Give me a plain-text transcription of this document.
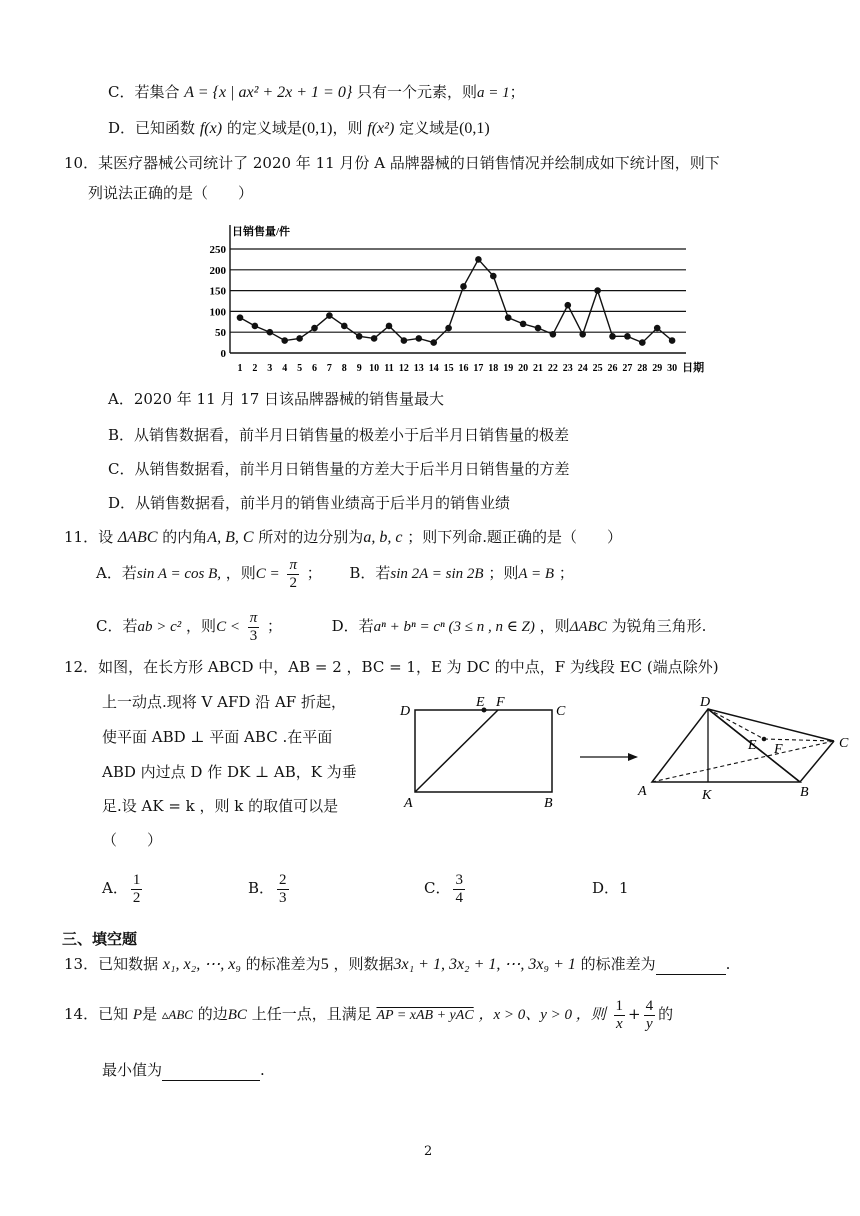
C．若集合 A = {x | ax² + 2x + 1 = 0} 只有一个元素，则a = 1；
D．已知函数 f(x) 的定义域是(0,1)，则 f(x²) 定义域是(0,1)
10．某医疗器械公司统计了 2020 年 11 月份 A 品牌器械的日销售情况并绘制成如下统计图，则下
列说法正确的是（　　）
0
50
100
150
200
250
日销售量/件
1 2 3 4 5 6 7 8 9 10 11 12 13 14 15 16 17 18 19 20 21 22 23 24 25 26 27 28 29 30 日期
A．2020 年 11 月 17 日该品牌器械的销售量最大
B．从销售数据看，前半月日销售量的极差小于后半月日销售量的极差
C．从销售数据看，前半月日销售量的方差大于后半月日销售量的方差
D．从销售数据看，前半月的销售业绩高于后半月的销售业绩
11．设 ΔABC 的内角A, B, C 所对的边分别为a, b, c ；则下列命.题正确的是（　　）
A．若sin A = cos B, ，则$C = \frac{\pi}{2}$ ； B．若sin 2A = sin 2B ；则A = B ；
C．若ab > c² ，则$C < \frac{\pi}{3}$ ；	D．若aⁿ + bⁿ = cⁿ (3 ≤ n , n ∈ Z) ，则ΔABC 为锐角三角形.
12．如图，在长方形 ABCD 中，AB = 2 ，BC = 1，E 为 DC 的中点，F 为线段 EC (端点除外)
上一动点.现将 V AFD 沿 AF 折起，
使平面 ABD ⊥ 平面 ABC .在平面
ABD 内过点 D 作 DK ⊥ AB，K 为垂
足.设 AK = k ，则 k 的取值可以是
（　　）
D
E F
C
A	B
D
E F	C
A	K	B
A． $\frac{1}{2}$	B． $\frac{2}{3}$	C． $\frac{3}{4}$	D．1
三、填空题
13．已知数据 x₁, x₂, ⋯, x₉ 的标准差为5 ，则数据3x₁ + 1, 3x₂ + 1, ⋯, 3x₉ + 1 的标准差为	.
14．已知 P是 ▵ABC 的边BC 上任一点，且满足 AP = xAB + yAC ，x > 0、y > 0 ，则 $\frac{1}{x} + \frac{4}{y}$ 的
最小值为	.
2
